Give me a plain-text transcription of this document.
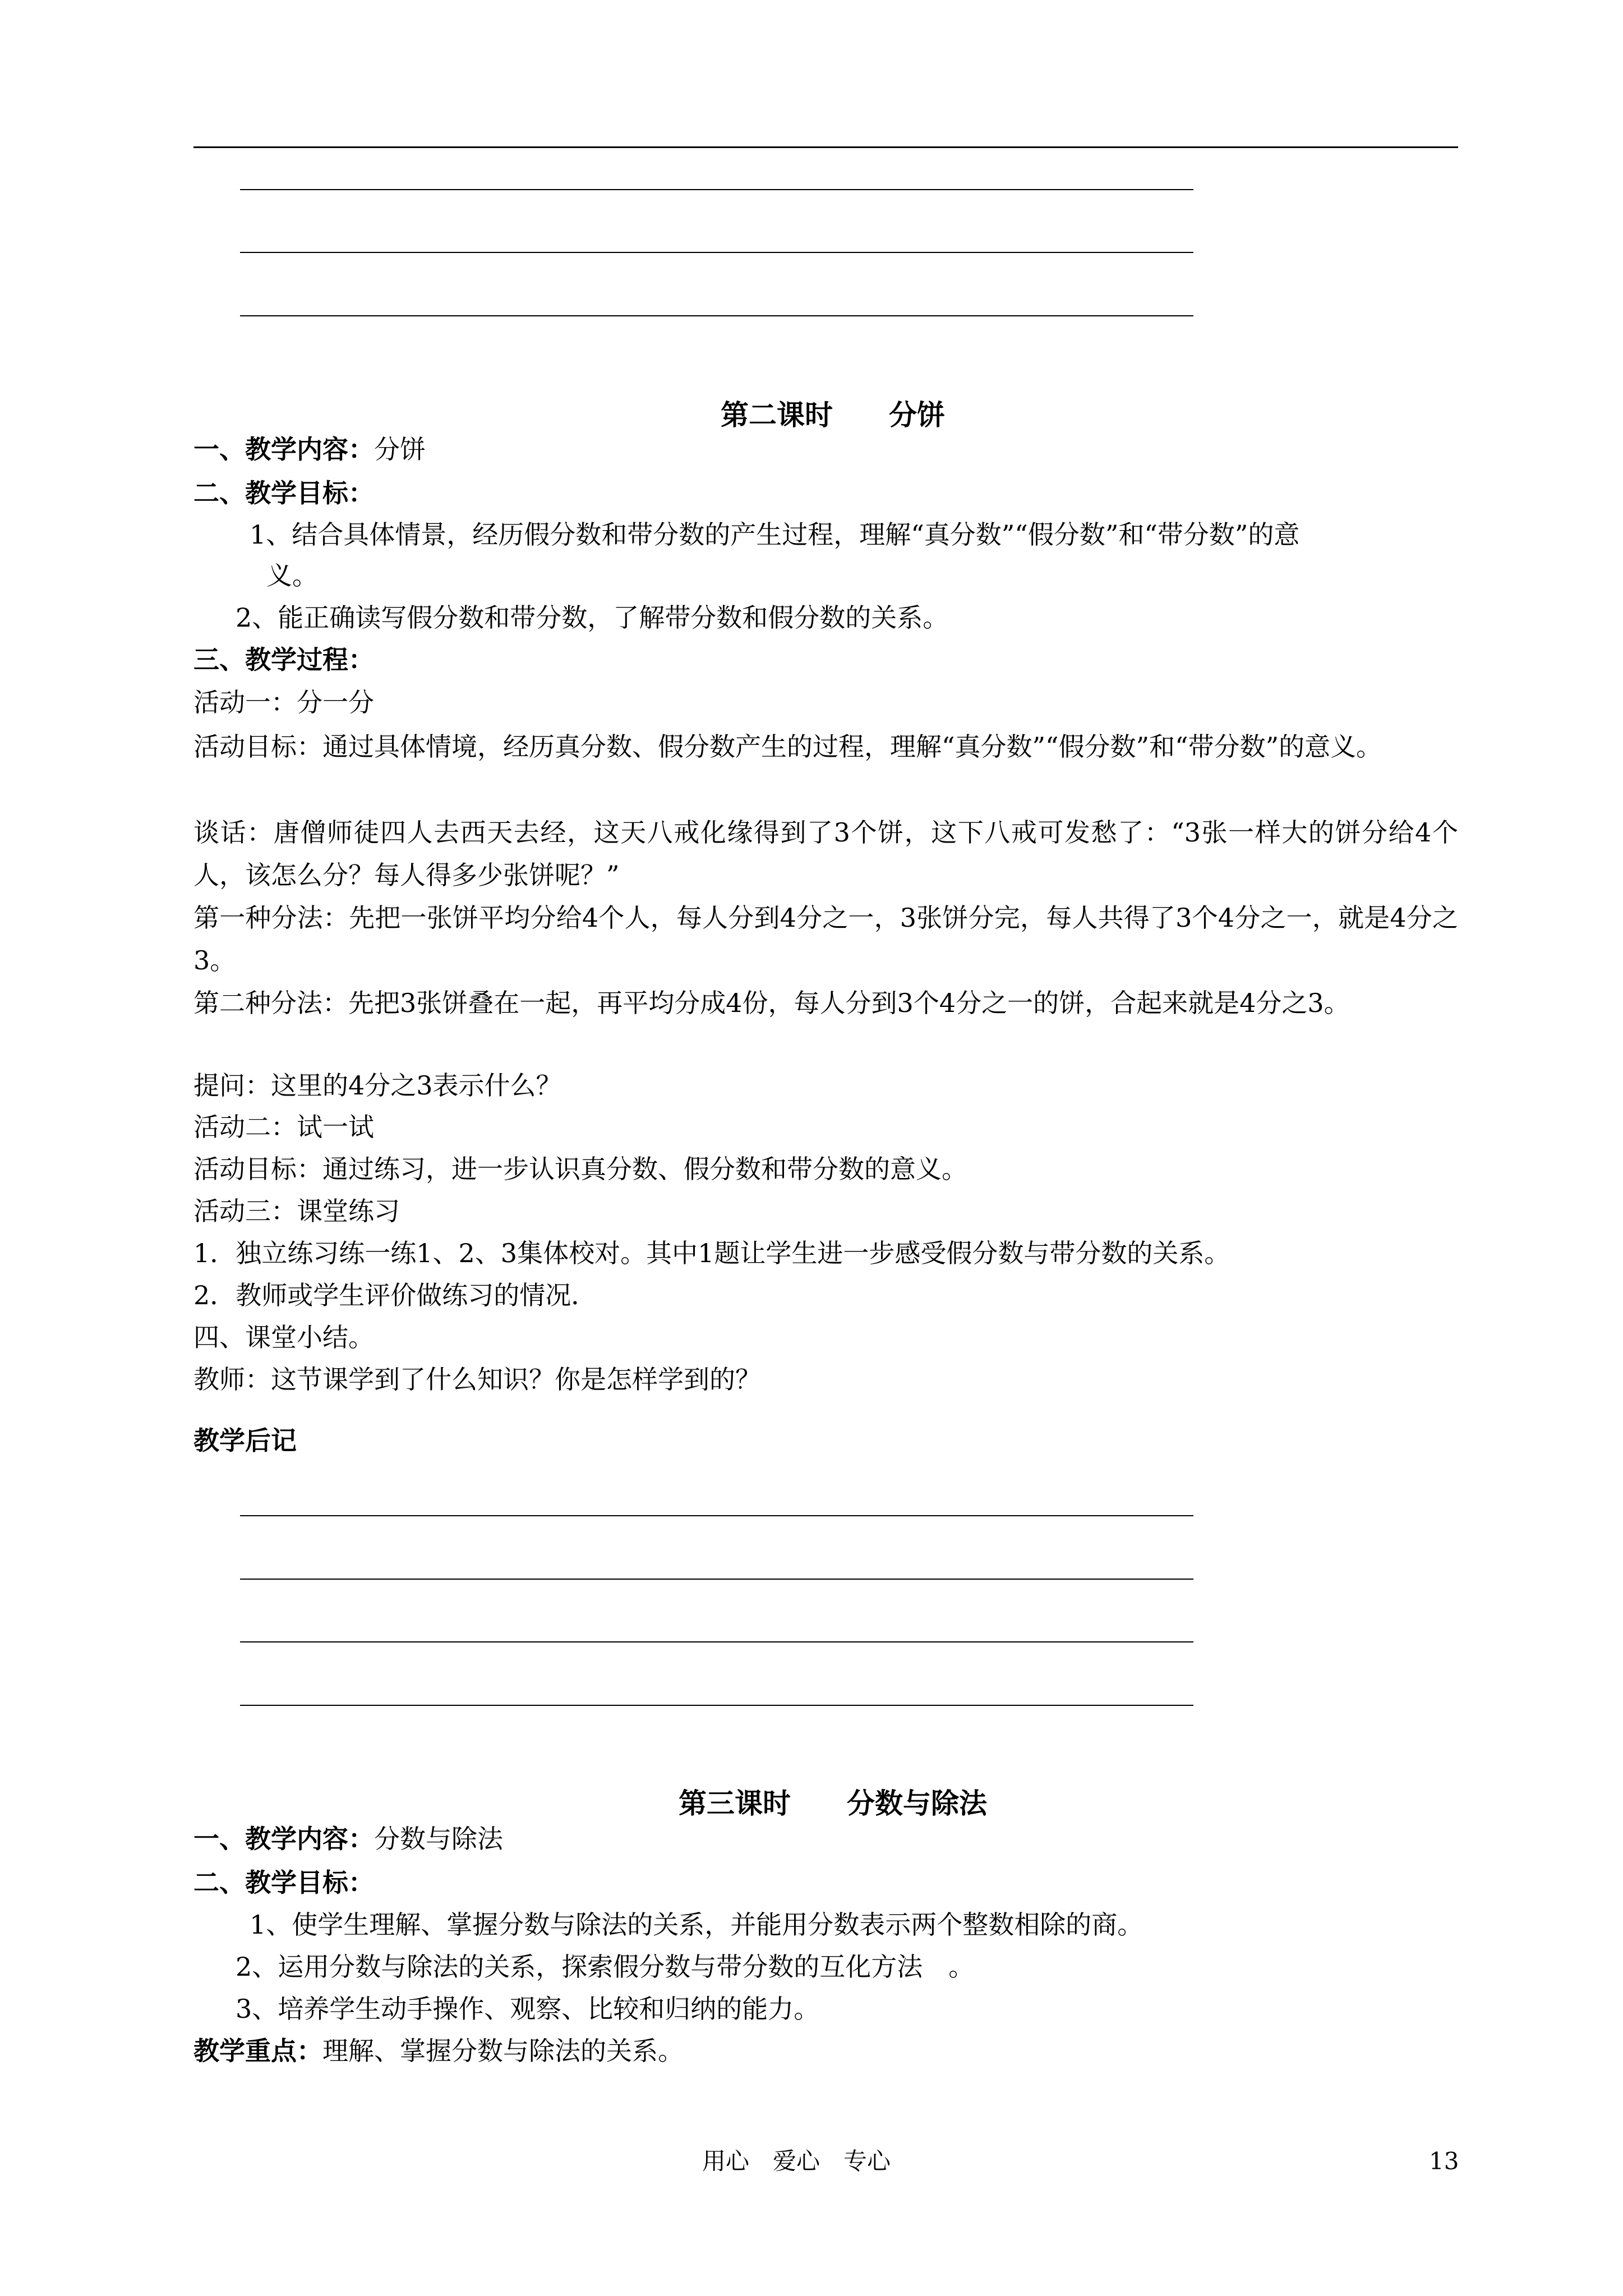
第二课时　　分饼
一、教学内容：分饼
二、教学目标：
1、结合具体情景，经历假分数和带分数的产生过程，理解“真分数”“假分数”和“带分数”的意
义。
2、能正确读写假分数和带分数，了解带分数和假分数的关系。
三、教学过程：
活动一：分一分
活动目标：通过具体情境，经历真分数、假分数产生的过程，理解“真分数”“假分数”和“带分数”的意义。
谈话：唐僧师徒四人去西天去经，这天八戒化缘得到了3个饼，这下八戒可发愁了：“3张一样大的饼分给4个人，该怎么分？每人得多少张饼呢？”
第一种分法：先把一张饼平均分给4个人，每人分到4分之一，3张饼分完，每人共得了3个4分之一，就是4分之3。
第二种分法：先把3张饼叠在一起，再平均分成4份，每人分到3个4分之一的饼，合起来就是4分之3。
提问：这里的4分之3表示什么？
活动二：试一试
活动目标：通过练习，进一步认识真分数、假分数和带分数的意义。
活动三：课堂练习
1．独立练习练一练1、2、3集体校对。其中1题让学生进一步感受假分数与带分数的关系。
2．教师或学生评价做练习的情况．
四、课堂小结。
教师：这节课学到了什么知识？你是怎样学到的？
教学后记
第三课时　　分数与除法
一、教学内容：分数与除法
二、教学目标：
1、使学生理解、掌握分数与除法的关系，并能用分数表示两个整数相除的商。
2、运用分数与除法的关系，探索假分数与带分数的互化方法　。
3、培养学生动手操作、观察、比较和归纳的能力。
教学重点：理解、掌握分数与除法的关系。
用心　爱心　专心	13
